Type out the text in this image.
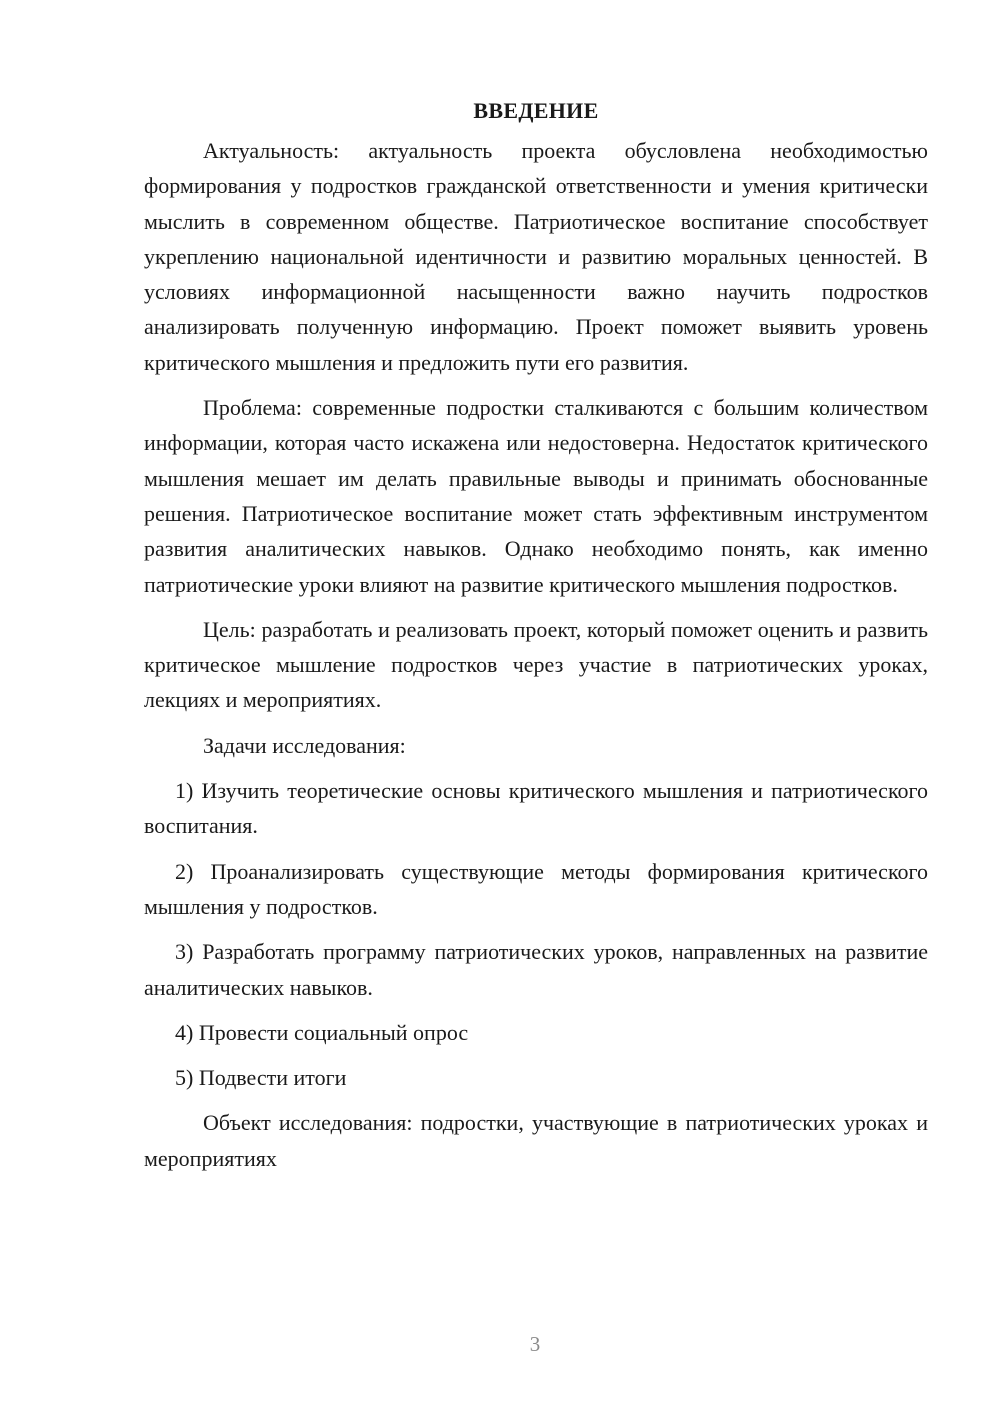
ВВЕДЕНИЕ

Актуальность: актуальность проекта обусловлена необходимостью формирования у подростков гражданской ответственности и умения критически мыслить в современном обществе. Патриотическое воспитание способствует укреплению национальной идентичности и развитию моральных ценностей. В условиях информационной насыщенности важно научить подростков анализировать полученную информацию. Проект поможет выявить уровень критического мышления и предложить пути его развития.

Проблема: современные подростки сталкиваются с большим количеством информации, которая часто искажена или недостоверна. Недостаток критического мышления мешает им делать правильные выводы и принимать обоснованные решения. Патриотическое воспитание может стать эффективным инструментом развития аналитических навыков. Однако необходимо понять, как именно патриотические уроки влияют на развитие критического мышления подростков.

Цель: разработать и реализовать проект, который поможет оценить и развить критическое мышление подростков через участие в патриотических уроках, лекциях и мероприятиях.

Задачи исследования:

1) Изучить теоретические основы критического мышления и патриотического воспитания.

2) Проанализировать существующие методы формирования критического мышления у подростков.

3) Разработать программу патриотических уроков, направленных на развитие аналитических навыков.

4) Провести социальный опрос

5) Подвести итоги

Объект исследования: подростки, участвующие в патриотических уроках и мероприятиях

3
